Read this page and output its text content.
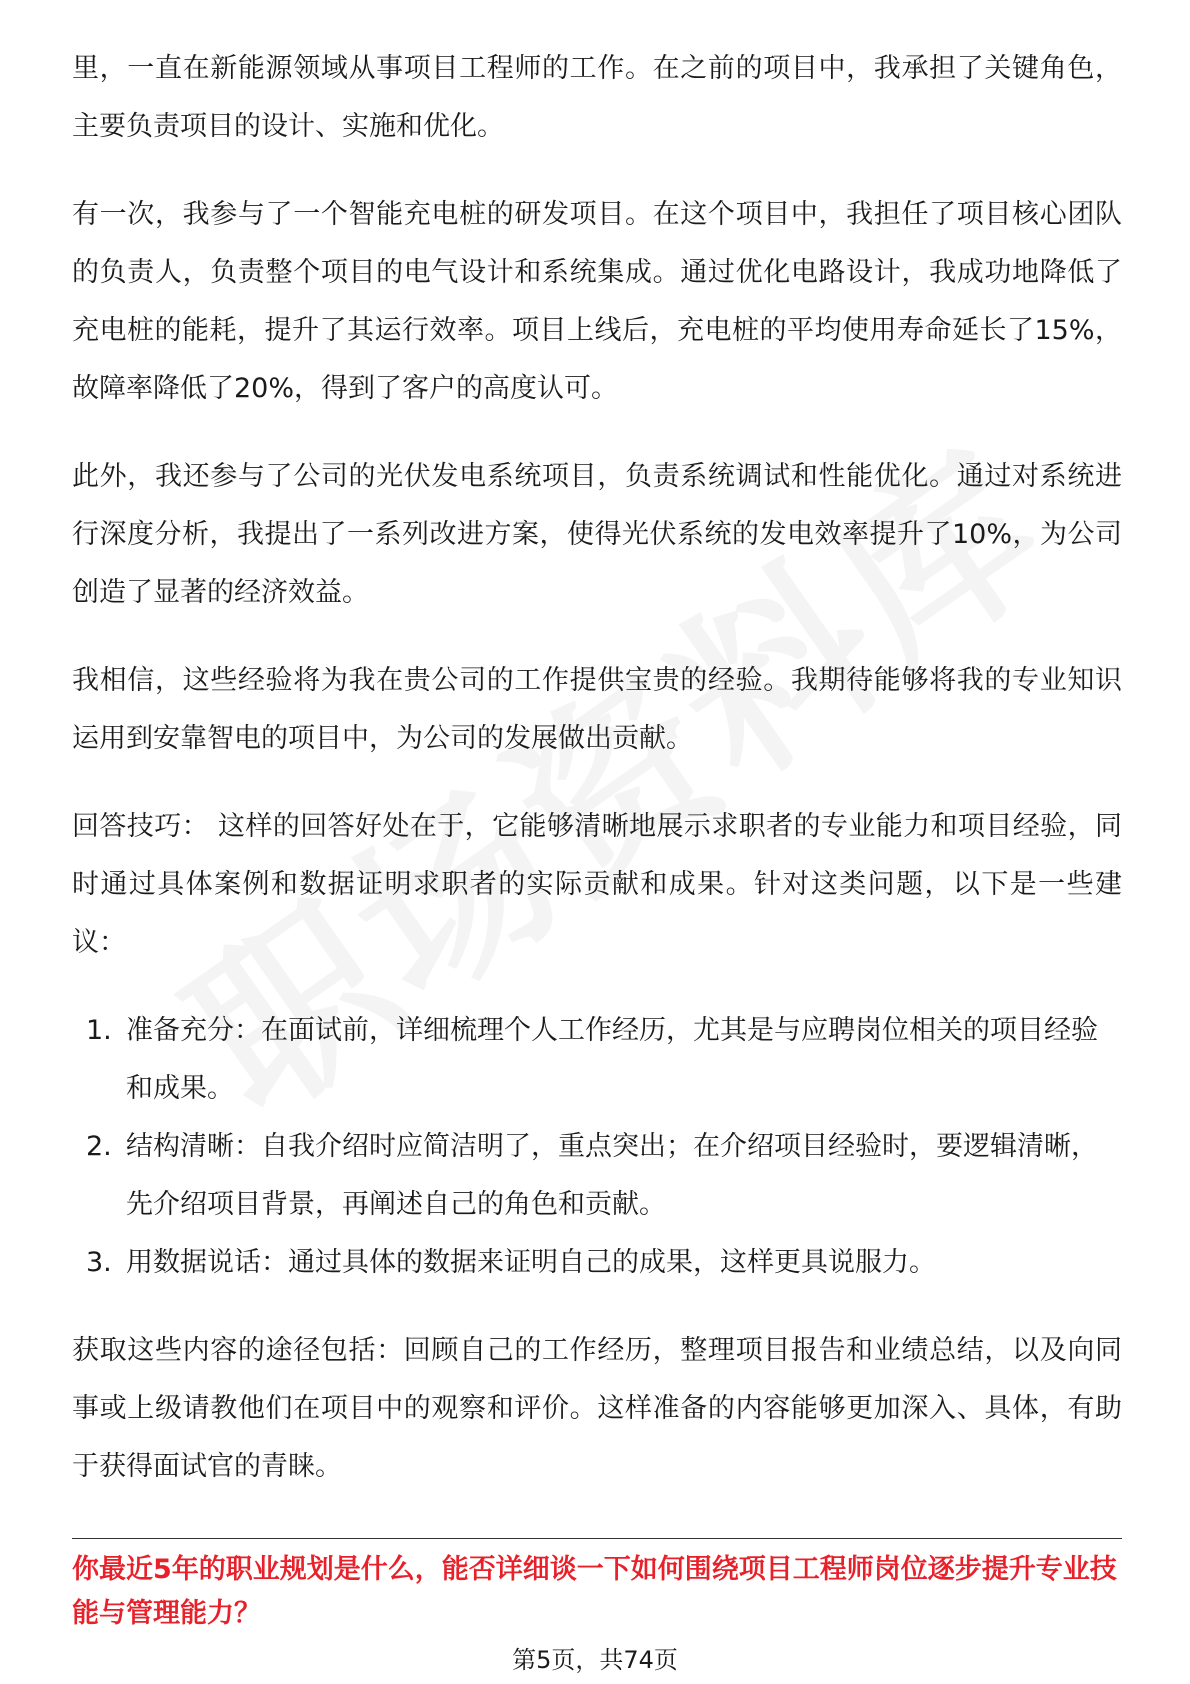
里，一直在新能源领域从事项目工程师的工作。在之前的项目中，我承担了关键角色，主要负责项目的设计、实施和优化。

有一次，我参与了一个智能充电桩的研发项目。在这个项目中，我担任了项目核心团队的负责人，负责整个项目的电气设计和系统集成。通过优化电路设计，我成功地降低了充电桩的能耗，提升了其运行效率。项目上线后，充电桩的平均使用寿命延长了15%，故障率降低了20%，得到了客户的高度认可。

此外，我还参与了公司的光伏发电系统项目，负责系统调试和性能优化。通过对系统进行深度分析，我提出了一系列改进方案，使得光伏系统的发电效率提升了10%，为公司创造了显著的经济效益。

我相信，这些经验将为我在贵公司的工作提供宝贵的经验。我期待能够将我的专业知识运用到安靠智电的项目中，为公司的发展做出贡献。

回答技巧： 这样的回答好处在于，它能够清晰地展示求职者的专业能力和项目经验，同时通过具体案例和数据证明求职者的实际贡献和成果。针对这类问题，以下是一些建议：

1. 准备充分：在面试前，详细梳理个人工作经历，尤其是与应聘岗位相关的项目经验和成果。
2. 结构清晰：自我介绍时应简洁明了，重点突出；在介绍项目经验时，要逻辑清晰，先介绍项目背景，再阐述自己的角色和贡献。
3. 用数据说话：通过具体的数据来证明自己的成果，这样更具说服力。

获取这些内容的途径包括：回顾自己的工作经历，整理项目报告和业绩总结，以及向同事或上级请教他们在项目中的观察和评价。这样准备的内容能够更加深入、具体，有助于获得面试官的青睐。

你最近5年的职业规划是什么，能否详细谈一下如何围绕项目工程师岗位逐步提升专业技能与管理能力？

第5页，共74页
